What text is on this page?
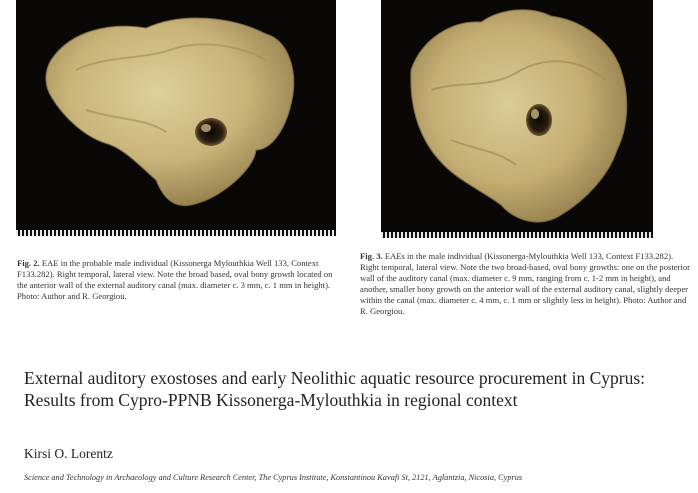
Fig. 2. EAE in the probable male individual (Kissonerga Mylouthkia Well 133, Context F133.282). Right temporal, lateral view. Note the broad based, oval bony growth located on the anterior wall of the external auditory canal (max. diameter c. 3 mm, c. 1 mm in height). Photo: Author and R. Georgiou.
Fig. 3. EAEs in the male individual (Kissonerga-Mylouthkia Well 133, Context F133.282). Right temporal, lateral view. Note the two broad-based, oval bony growths: one on the posterior wall of the auditory canal (max. diameter c. 9 mm, ranging from c. 1-2 mm in height), and another, smaller bony growth on the anterior wall of the external auditory canal, slightly deeper within the canal (max. diameter c. 4 mm, c. 1 mm or slightly less in height). Photo: Author and R. Georgiou.
External auditory exostoses and early Neolithic aquatic resource procurement in Cyprus: Results from Cypro-PPNB Kissonerga-Mylouthkia in regional context
Kirsi O. Lorentz
Science and Technology in Archaeology and Culture Research Center, The Cyprus Institute, Konstantinou Kavafi St, 2121, Aglantzia, Nicosia, Cyprus
